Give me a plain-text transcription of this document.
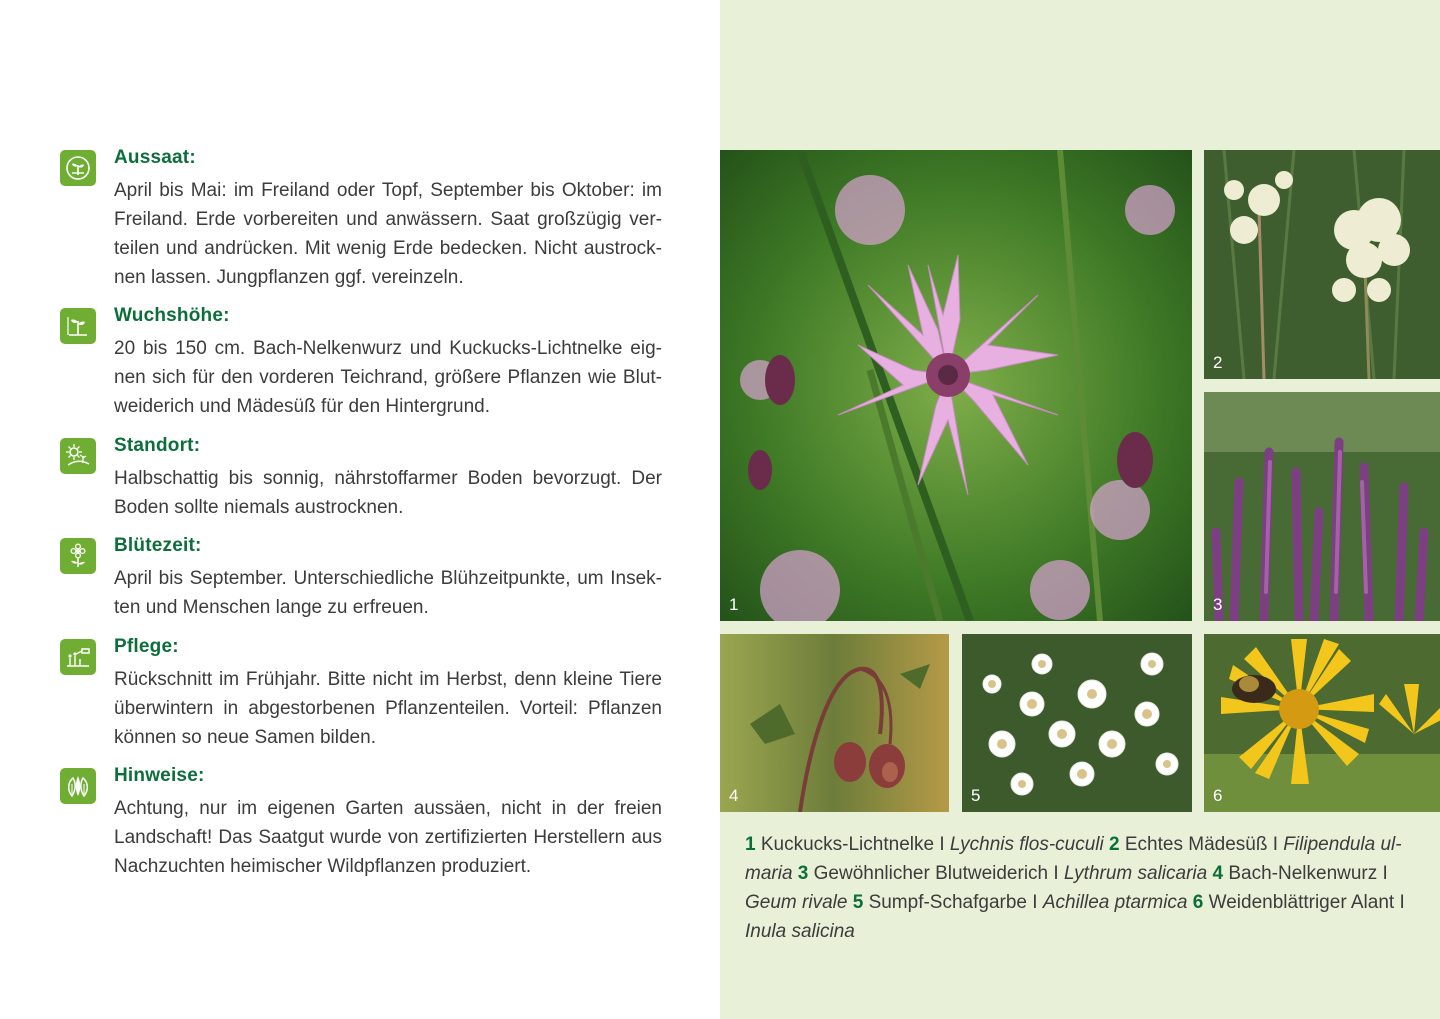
Aussaat:
April bis Mai: im Freiland oder Topf, September bis Oktober: im Freiland. Erde vorbereiten und anwässern. Saat großzügig ver-teilen und andrücken. Mit wenig Erde bedecken. Nicht austrock-nen lassen. Jungpflanzen ggf. vereinzeln.
Wuchshöhe:
20 bis 150 cm. Bach-Nelkenwurz und Kuckucks-Lichtnelke eig-nen sich für den vorderen Teichrand, größere Pflanzen wie Blut-weiderich und Mädesüß für den Hintergrund.
Standort:
Halbschattig bis sonnig, nährstoffarmer Boden bevorzugt. Der Boden sollte niemals austrocknen.
Blütezeit:
April bis September. Unterschiedliche Blühzeitpunkte, um Insek-ten und Menschen lange zu erfreuen.
Pflege:
Rückschnitt im Frühjahr. Bitte nicht im Herbst, denn kleine Tiere überwintern in abgestorbenen Pflanzenteilen. Vorteil: Pflanzen können so neue Samen bilden.
Hinweise:
Achtung, nur im eigenen Garten aussäen, nicht in der freien Landschaft! Das Saatgut wurde von zertifizierten Herstellern aus Nachzuchten heimischer Wildpflanzen produziert.
1
2
3
4	5	6
1 Kuckucks-Lichtnelke I Lychnis flos-cuculi 2 Echtes Mädesüß I Filipendula ul-maria 3 Gewöhnlicher Blutweiderich I Lythrum salicaria 4 Bach-Nelkenwurz I Geum rivale 5 Sumpf-Schafgarbe I Achillea ptarmica 6 Weidenblättriger Alant I Inula salicina
